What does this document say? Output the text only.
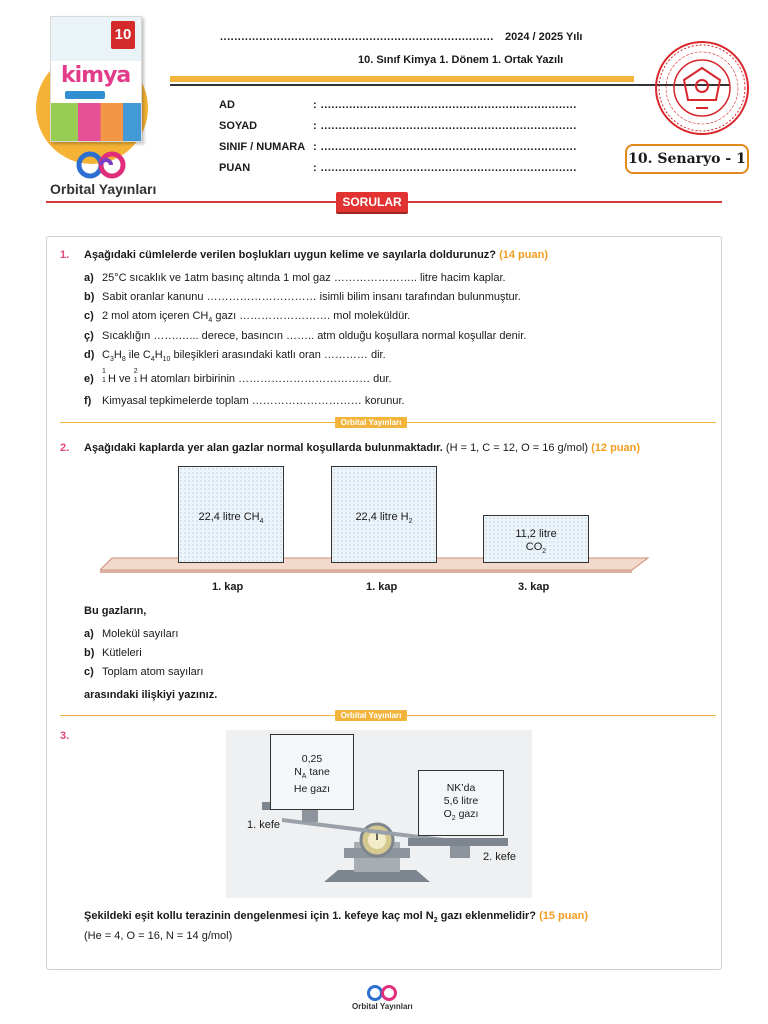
10
kimya
Orbital Yayınları
............................................................................. 2024 / 2025 Yılı
10. Sınıf Kimya 1. Dönem 1. Ortak Yazılı
AD	: ........................................................................
SOYAD	: ........................................................................
SINIF / NUMARA : ........................................................................
PUAN	: ........................................................................
10. Senaryo - 1
SORULAR
1. Aşağıdaki cümlelerde verilen boşlukları uygun kelime ve sayılarla doldurunuz? (14 puan)
a) 25°C sıcaklık ve 1atm basınç altında 1 mol gaz ………………….. litre hacim kaplar.
b) Sabit oranlar kanunu ………………………… isimli bilim insanı tarafından bulunmuştur.
c) 2 mol atom içeren $CH_4$ gazı ……………………. mol moleküldür.
ç) Sıcaklığın …….…... derece, basıncın …….. atm olduğu koşullara normal koşullar denir.
d) $C_3H_8$ ile $C_4H_{10}$ bileşikleri arasındaki katlı oran ………… dir.
e)
1
1 H ve
2
1 H atomları birbirinin ……………………………… dur.
f) Kimyasal tepkimelerde toplam ………………………… korunur.
Orbital Yayınları
2. Aşağıdaki kaplarda yer alan gazlar normal koşullarda bulunmaktadır. (H = 1, C = 12, O = 16 g/mol) (12 puan)
22,4 litre $CH_4$	22,4 litre $H_2$
11,2 litre
$CO_2$
1. kap	1. kap	3. kap
Bu gazların,
a) Molekül sayıları
b) Kütleleri
c) Toplam atom sayıları
arasındaki ilişkiyi yazınız.
Orbital Yayınları
3.
0,25
$N_A$ tane
He gazı	NK’da
5,6 litre
$O_2$ gazı
1. kefe
2. kefe
Şekildeki eşit kollu terazinin dengelenmesi için 1. kefeye kaç mol $N_2$ gazı eklenmelidir? (15 puan)
(He = 4, O = 16, N = 14 g/mol)
Orbital Yayınları
